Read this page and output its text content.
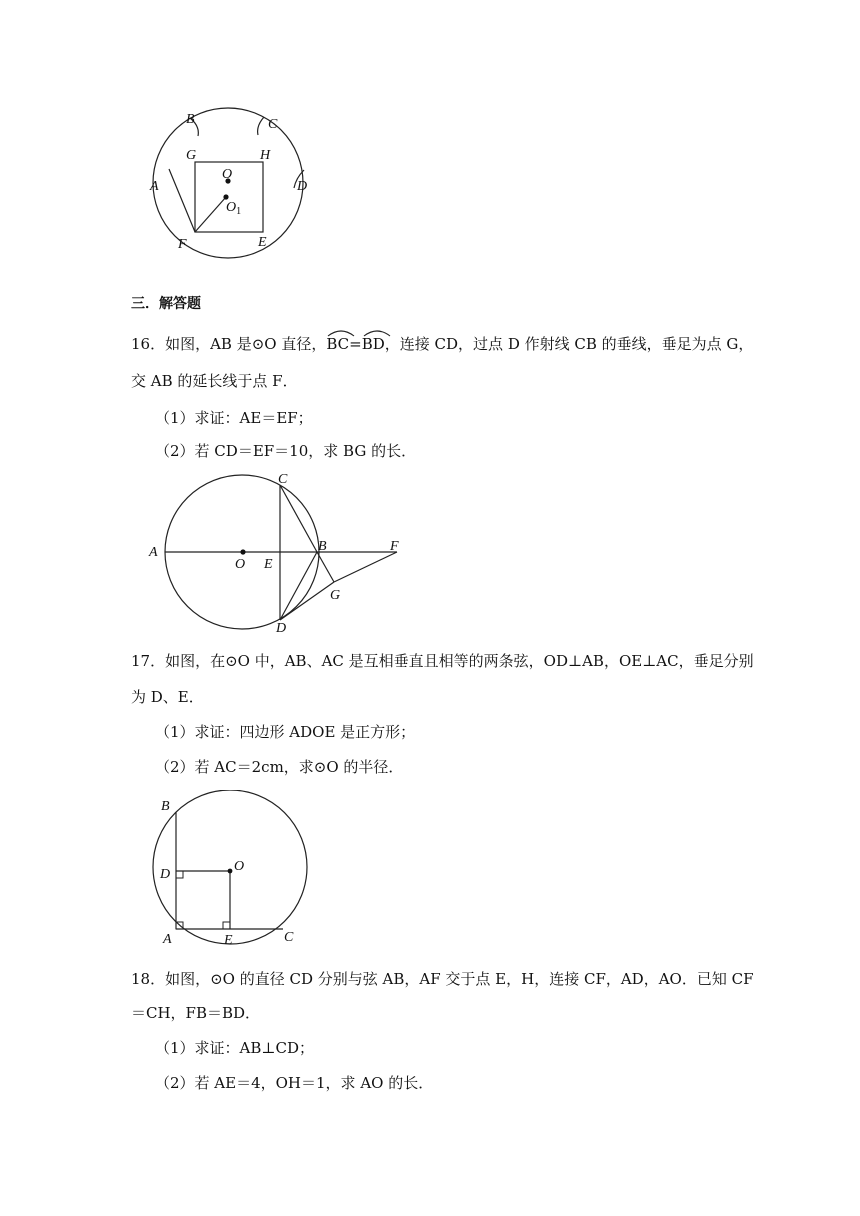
B	C
G	H
O
A	D
$O_1$
F	E
三．解答题
16．如图，AB 是⊙O 直径，
BC=
BD，连接 CD，过点 D 作射线 CB 的垂线，垂足为点 G，
交 AB 的延长线于点 F．
（1）求证：AE＝EF；
（2）若 CD＝EF＝10，求 BG 的长．
C
A
O E
B	F
G
D
17．如图，在⊙O 中，AB、AC 是互相垂直且相等的两条弦，OD⊥AB，OE⊥AC，垂足分别
为 D、E．
（1）求证：四边形 ADOE 是正方形；
（2）若 AC＝2cm，求⊙O 的半径．
B
O
D
A	E	C
18．如图，⊙O 的直径 CD 分别与弦 AB，AF 交于点 E，H，连接 CF，AD，AO．已知 CF
＝CH，FB＝BD．
（1）求证：AB⊥CD；
（2）若 AE＝4，OH＝1，求 AO 的长．
